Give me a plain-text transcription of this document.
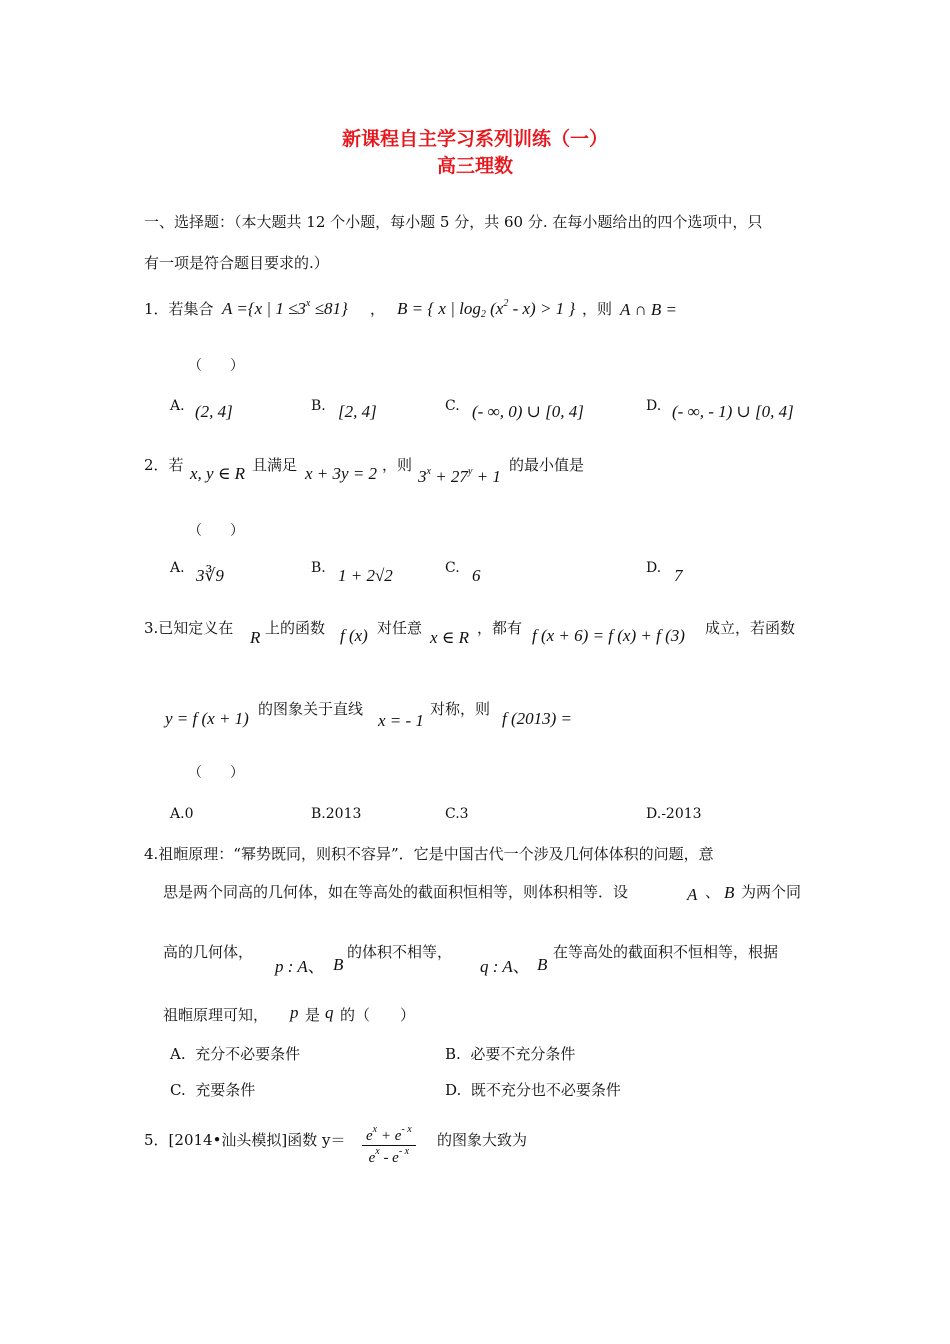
新课程自主学习系列训练（一）
高三理数
一、选择题：（本大题共 12 个小题，每小题 5 分，共 60 分. 在每小题给出的四个选项中，只
有一项是符合题目要求的.）
1．若集合 A ={x | $1 \le 3^x \le 81$} ， B = { x | $\log_2 (x^2 - x) > 1$ } ，则 A ∩ B =
（　　）
A. (2, 4]	B. [2, 4]	C. (- ∞, 0) ∪ [0, 4]	D. (- ∞, - 1) ∪ [0, 4]
2．若 x, y ∈ R 且满足 x + 3y = 2 ，则
$3^x + 27^y + 1$
的最小值是
（　　）
A. 3∛9	B. 1 + 2√2	C. 6	D. 7
3.已知定义在 R 上的函数 f (x) 对任意 x ∈ R ，都有 f (x + 6) = f (x) + f (3) 成立，若函数
y = f (x + 1) 的图象关于直线
x = - 1
对称，则 f (2013) =
（　　）
A.0	B.2013	C.3	D.-2013
4.祖暅原理：“幂势既同，则积不容异”．它是中国古代一个涉及几何体体积的问题，意
思是两个同高的几何体，如在等高处的截面积恒相等，则体积相等．设	A 、 B 为两个同
高的几何体，
p : A、 B
的体积不相等，
q : A、 B
在等高处的截面积不恒相等，根据
祖暅原理可知， p 是 q 的（　　）
A. 充分不必要条件	B. 必要不充分条件
C. 充要条件	D. 既不充分也不必要条件
5．[2014•汕头模拟]函数 $y= \frac{e^x + e^{- x}}{e^x - e^{- x}}$ 的图象大致为
